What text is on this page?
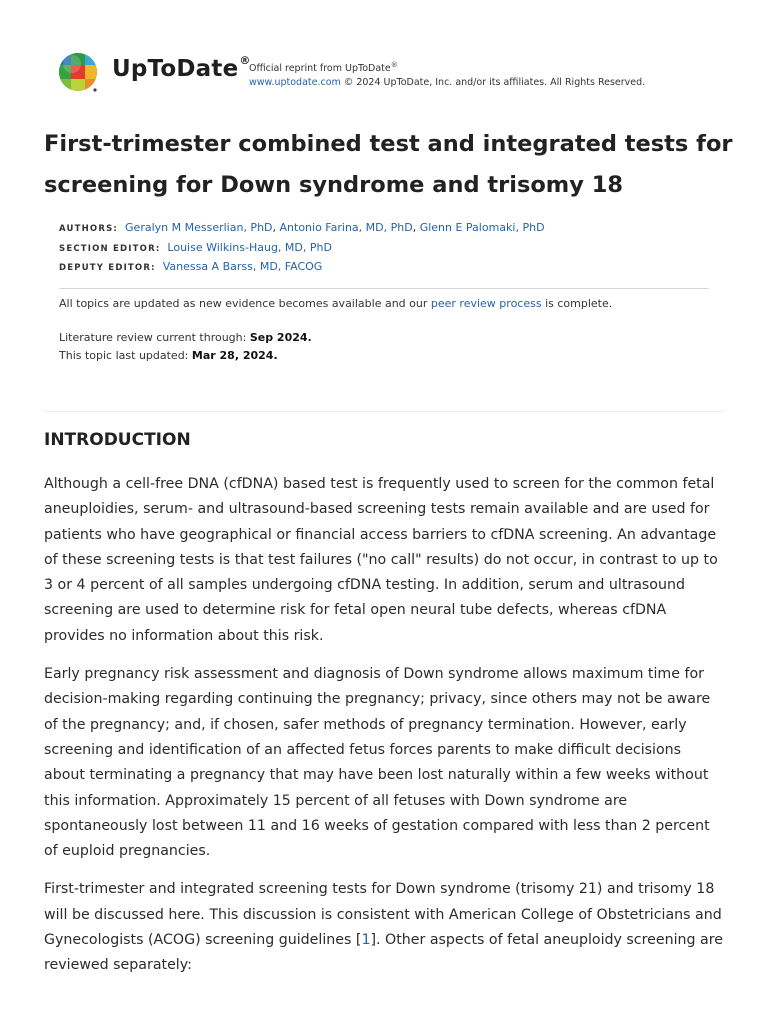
UpToDate®
Official reprint from UpToDate®
www.uptodate.com © 2024 UpToDate, Inc. and/or its affiliates. All Rights Reserved.
First-trimester combined test and integrated tests for screening for Down syndrome and trisomy 18
AUTHORS: Geralyn M Messerlian, PhD, Antonio Farina, MD, PhD, Glenn E Palomaki, PhD
SECTION EDITOR: Louise Wilkins-Haug, MD, PhD
DEPUTY EDITOR: Vanessa A Barss, MD, FACOG
All topics are updated as new evidence becomes available and our peer review process is complete.
Literature review current through: Sep 2024.
This topic last updated: Mar 28, 2024.
INTRODUCTION

Although a cell-free DNA (cfDNA) based test is frequently used to screen for the common fetal aneuploidies, serum- and ultrasound-based screening tests remain available and are used for patients who have geographical or financial access barriers to cfDNA screening. An advantage of these screening tests is that test failures ("no call" results) do not occur, in contrast to up to 3 or 4 percent of all samples undergoing cfDNA testing. In addition, serum and ultrasound screening are used to determine risk for fetal open neural tube defects, whereas cfDNA provides no information about this risk.

Early pregnancy risk assessment and diagnosis of Down syndrome allows maximum time for decision-making regarding continuing the pregnancy; privacy, since others may not be aware of the pregnancy; and, if chosen, safer methods of pregnancy termination. However, early screening and identification of an affected fetus forces parents to make difficult decisions about terminating a pregnancy that may have been lost naturally within a few weeks without this information. Approximately 15 percent of all fetuses with Down syndrome are spontaneously lost between 11 and 16 weeks of gestation compared with less than 2 percent of euploid pregnancies.

First-trimester and integrated screening tests for Down syndrome (trisomy 21) and trisomy 18 will be discussed here. This discussion is consistent with American College of Obstetricians and Gynecologists (ACOG) screening guidelines [1]. Other aspects of fetal aneuploidy screening are reviewed separately:
